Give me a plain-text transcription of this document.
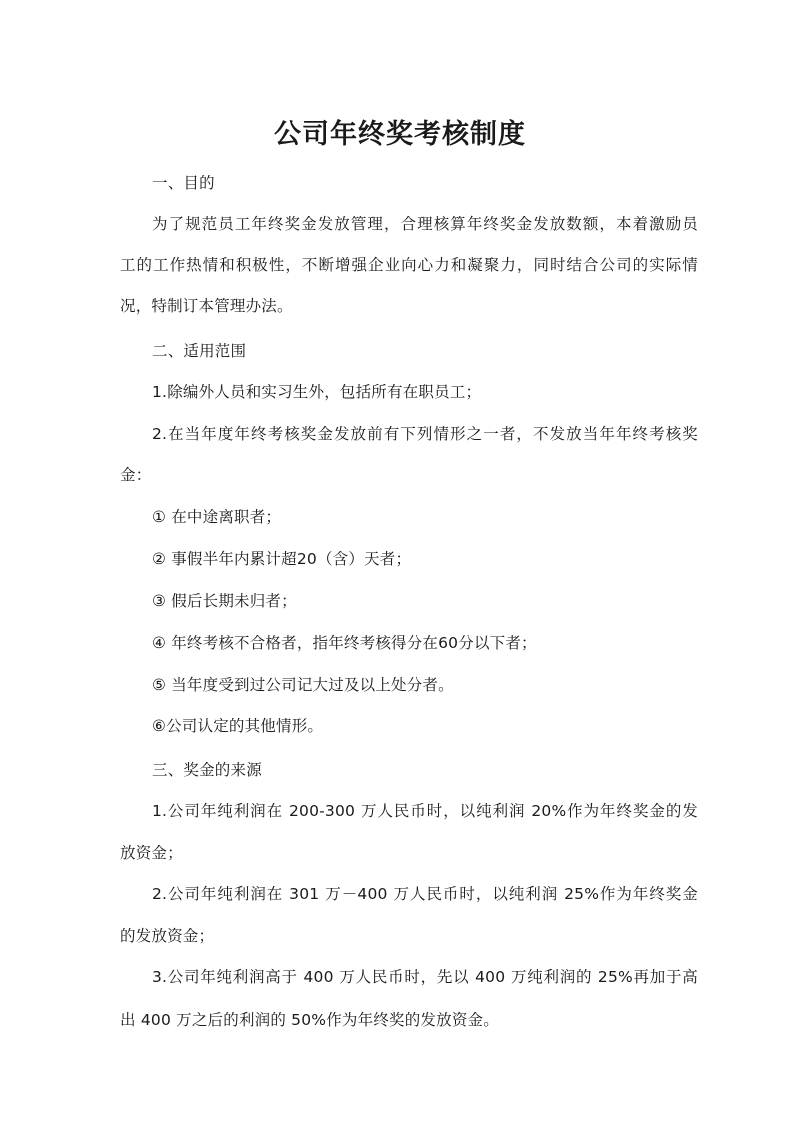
公司年终奖考核制度
一、目的
为了规范员工年终奖金发放管理，合理核算年终奖金发放数额，本着激励员
工的工作热情和积极性，不断增强企业向心力和凝聚力，同时结合公司的实际情
况，特制订本管理办法。
二、适用范围
1.除编外人员和实习生外，包括所有在职员工；
2.在当年度年终考核奖金发放前有下列情形之一者，不发放当年年终考核奖
金：
① 在中途离职者；
② 事假半年内累计超20（含）天者；
③ 假后长期未归者；
④ 年终考核不合格者，指年终考核得分在60分以下者；
⑤ 当年度受到过公司记大过及以上处分者。
⑥公司认定的其他情形。
三、奖金的来源
1.公司年纯利润在 200-300 万人民币时，以纯利润 20%作为年终奖金的发
放资金；
2.公司年纯利润在 301 万－400 万人民币时，以纯利润 25%作为年终奖金
的发放资金；
3.公司年纯利润高于 400 万人民币时，先以 400 万纯利润的 25%再加于高
出 400 万之后的利润的 50%作为年终奖的发放资金。
